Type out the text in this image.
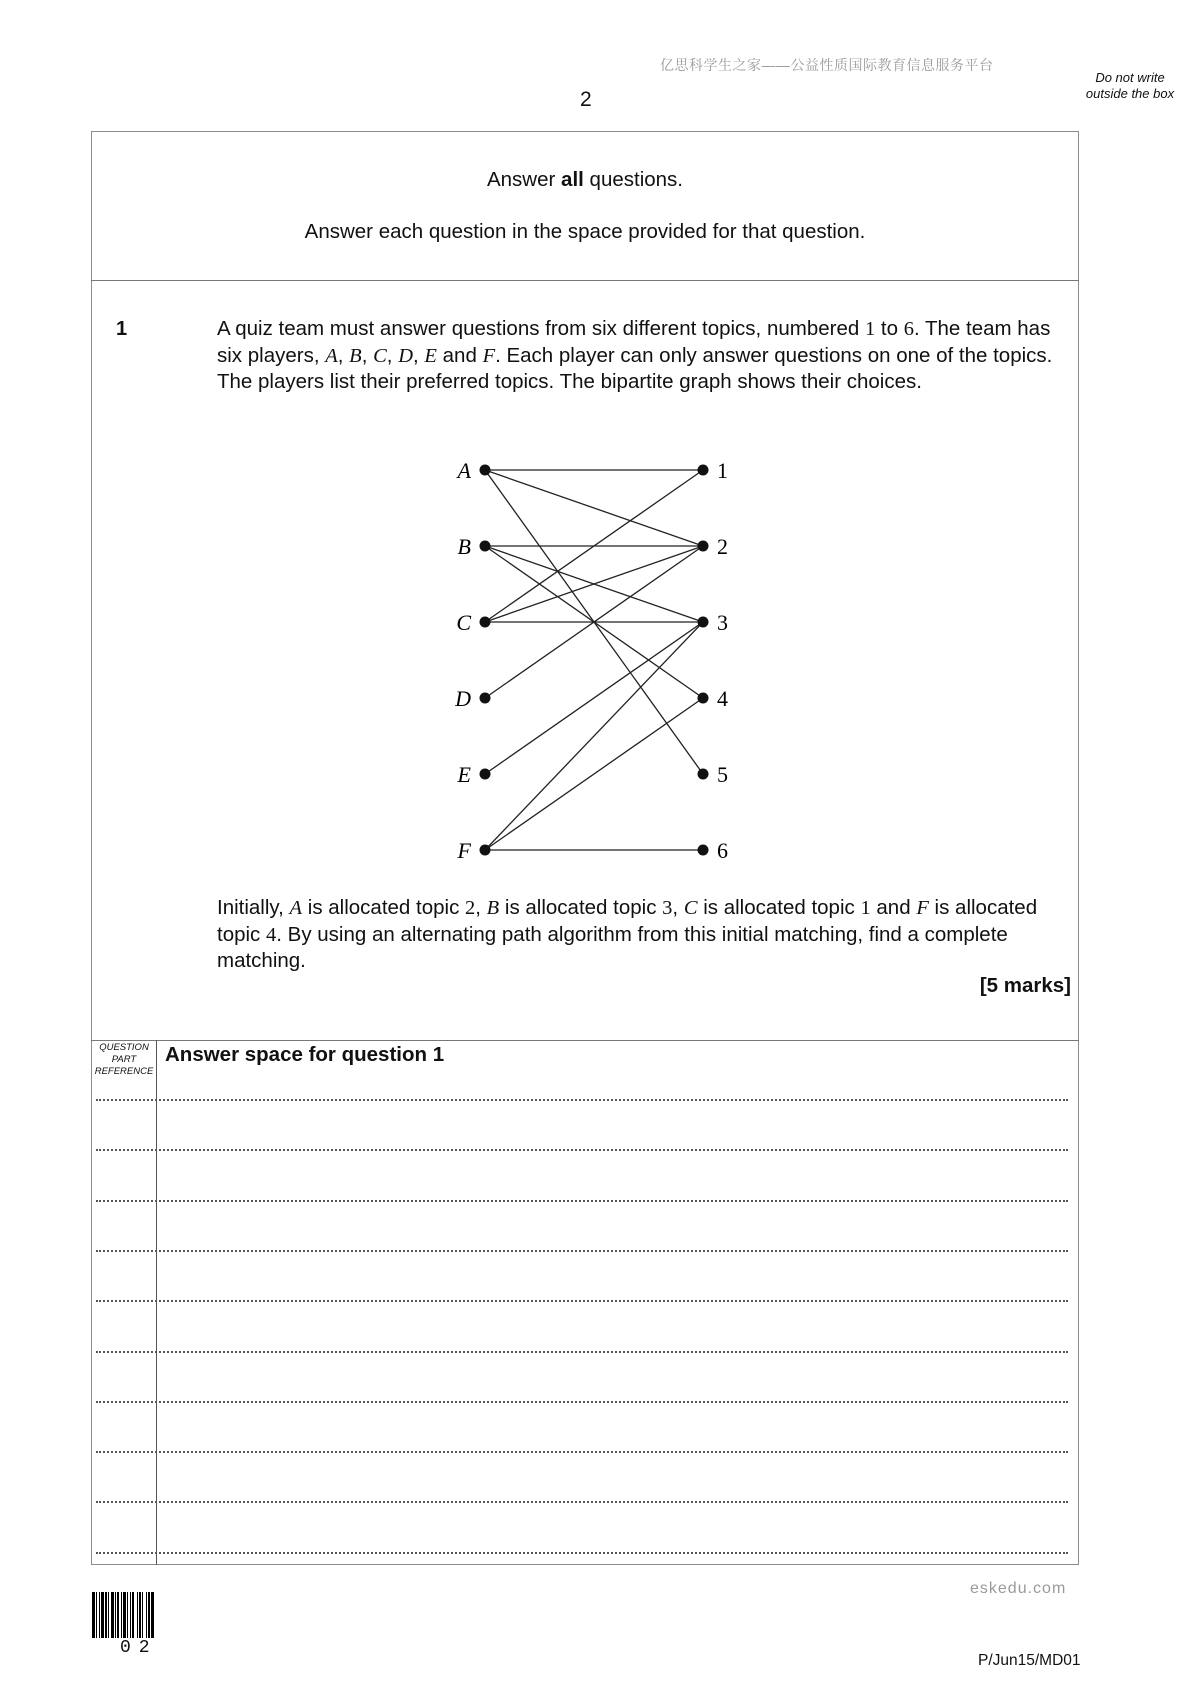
亿思科学生之家——公益性质国际教育信息服务平台
2
Do not write outside the box
Answer all questions.
Answer each question in the space provided for that question.
1	A quiz team must answer questions from six different topics, numbered 1 to 6. The team has six players, A, B, C, D, E and F. Each player can only answer questions on one of the topics. The players list their preferred topics. The bipartite graph shows their choices.
A
B
C
D
E
F
1
2
3
4
5
6
Initially, A is allocated topic 2, B is allocated topic 3, C is allocated topic 1 and F is allocated topic 4. By using an alternating path algorithm from this initial matching, find a complete matching.
[5 marks]
QUESTION PART REFERENCE
Answer space for question 1
eskedu.com
02
P/Jun15/MD01
